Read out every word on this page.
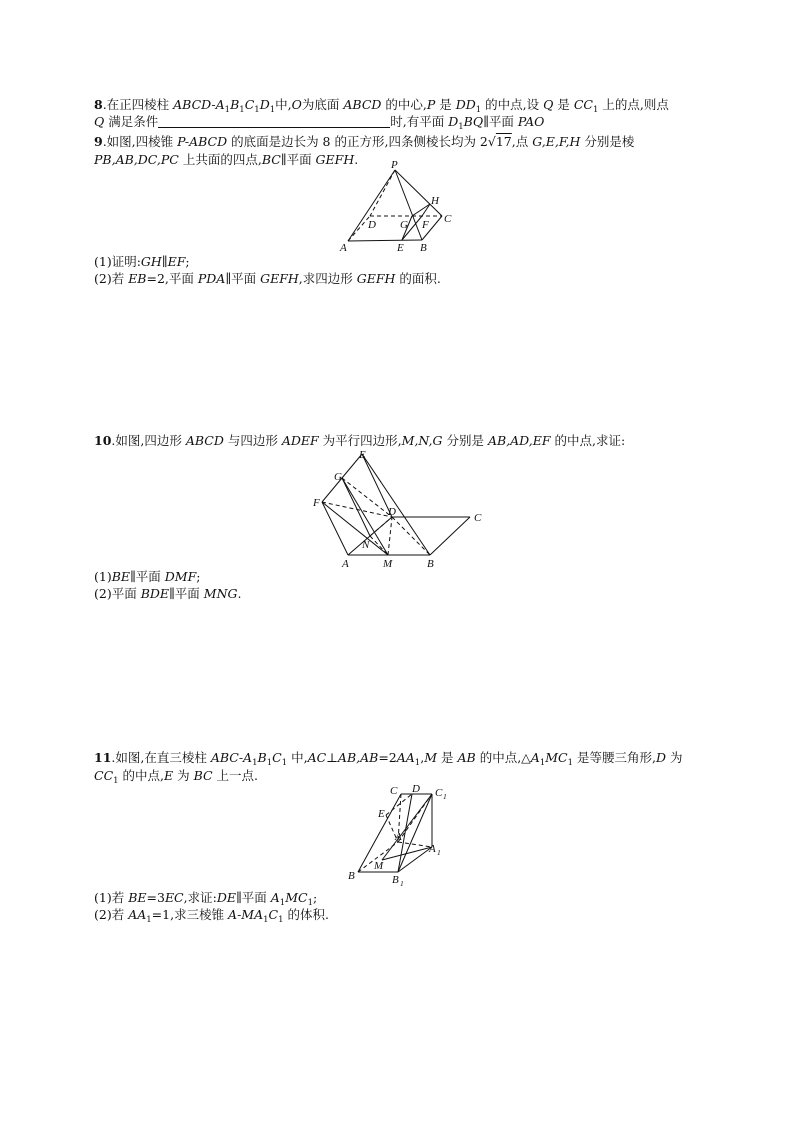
8.在正四棱柱 ABCD-$A_1B_1C_1D_1$中,O为底面 ABCD 的中心,P 是 $DD_1$ 的中点,设 Q 是 $CC_1$ 上的点,则点
Q 满足条件	时,有平面 $D_1BQ\parallel$平面 PAO
9.如图,四棱锥 P-ABCD 的底面是边长为 8 的正方形,四条侧棱长均为 2√17,点 G,E,F,H 分别是棱
PB,AB,DC,PC 上共面的四点,BC∥平面 GEFH.	P
H
D G F C
A	E B
(1)证明:GH∥EF;
(2)若 EB=2,平面 PDA∥平面 GEFH,求四边形 GEFH 的面积.
10.如图,四边形 ABCD 与四边形 ADEF 为平行四边形,M,N,G 分别是 AB,AD,EF 的中点,求证:
E
G
F
D	C
N
A	M	B
(1)BE∥平面 DMF;
(2)平面 BDE∥平面 MNG.
11.如图,在直三棱柱 ABC-$A_1B_1C_1$ 中$,AC\perp AB,AB=2AA_1,M$ 是 AB 的中点$,\triangle A_1MC_1$ 是等腰三角形,D 为
$CC_1$ 的中点,E 为 BC 上一点.
C D C 1
E
A
A 1
M
B	B 1
(1)若 BE=3EC,求证:DE∥平面 $A_1MC_1$;
(2)若 $AA_1=1$,求三棱锥 $A-MA_1C_1$ 的体积.
